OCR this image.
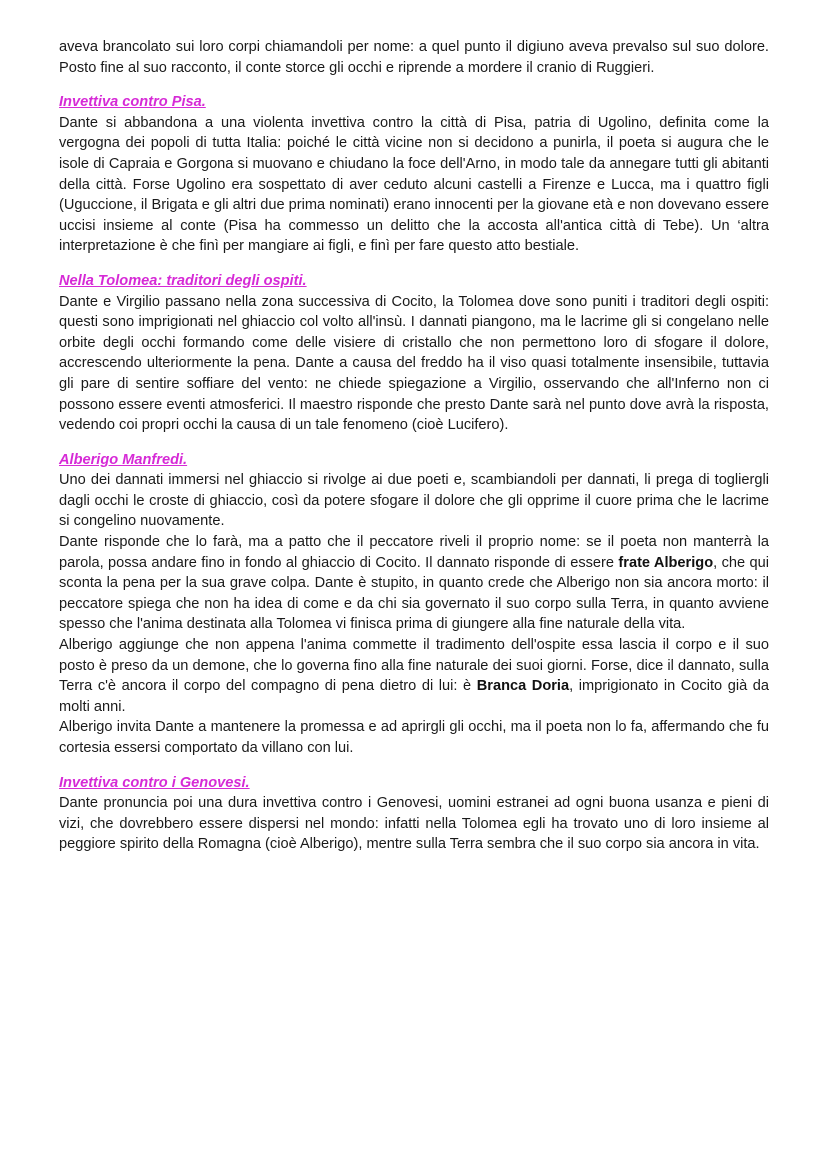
aveva brancolato sui loro corpi chiamandoli per nome: a quel punto il digiuno aveva prevalso sul suo dolore. Posto fine al suo racconto, il conte storce gli occhi e riprende a mordere il cranio di Ruggieri.

Invettiva contro Pisa.

Dante si abbandona a una violenta invettiva contro la città di Pisa, patria di Ugolino, definita come la vergogna dei popoli di tutta Italia: poiché le città vicine non si decidono a punirla, il poeta si augura che le isole di Capraia e Gorgona si muovano e chiudano la foce dell'Arno, in modo tale da annegare tutti gli abitanti della città. Forse Ugolino era sospettato di aver ceduto alcuni castelli a Firenze e Lucca, ma i quattro figli (Uguccione, il Brigata e gli altri due prima nominati) erano innocenti per la giovane età e non dovevano essere uccisi insieme al conte (Pisa ha commesso un delitto che la accosta all'antica città di Tebe). Un ‘altra interpretazione è che finì per mangiare ai figli, e finì per fare questo atto bestiale.

Nella Tolomea: traditori degli ospiti.

Dante e Virgilio passano nella zona successiva di Cocito, la Tolomea dove sono puniti i traditori degli ospiti: questi sono imprigionati nel ghiaccio col volto all'insù. I dannati piangono, ma le lacrime gli si congelano nelle orbite degli occhi formando come delle visiere di cristallo che non permettono loro di sfogare il dolore, accrescendo ulteriormente la pena. Dante a causa del freddo ha il viso quasi totalmente insensibile, tuttavia gli pare di sentire soffiare del vento: ne chiede spiegazione a Virgilio, osservando che all'Inferno non ci possono essere eventi atmosferici. Il maestro risponde che presto Dante sarà nel punto dove avrà la risposta, vedendo coi propri occhi la causa di un tale fenomeno (cioè Lucifero).

Alberigo Manfredi.

Uno dei dannati immersi nel ghiaccio si rivolge ai due poeti e, scambiandoli per dannati, li prega di togliergli dagli occhi le croste di ghiaccio, così da potere sfogare il dolore che gli opprime il cuore prima che le lacrime si congelino nuovamente.

Dante risponde che lo farà, ma a patto che il peccatore riveli il proprio nome: se il poeta non manterrà la parola, possa andare fino in fondo al ghiaccio di Cocito. Il dannato risponde di essere frate Alberigo, che qui sconta la pena per la sua grave colpa. Dante è stupito, in quanto crede che Alberigo non sia ancora morto: il peccatore spiega che non ha idea di come e da chi sia governato il suo corpo sulla Terra, in quanto avviene spesso che l'anima destinata alla Tolomea vi finisca prima di giungere alla fine naturale della vita.

Alberigo aggiunge che non appena l'anima commette il tradimento dell'ospite essa lascia il corpo e il suo posto è preso da un demone, che lo governa fino alla fine naturale dei suoi giorni. Forse, dice il dannato, sulla Terra c'è ancora il corpo del compagno di pena dietro di lui: è Branca Doria, imprigionato in Cocito già da molti anni.

Alberigo invita Dante a mantenere la promessa e ad aprirgli gli occhi, ma il poeta non lo fa, affermando che fu cortesia essersi comportato da villano con lui.

Invettiva contro i Genovesi.

Dante pronuncia poi una dura invettiva contro i Genovesi, uomini estranei ad ogni buona usanza e pieni di vizi, che dovrebbero essere dispersi nel mondo: infatti nella Tolomea egli ha trovato uno di loro insieme al peggiore spirito della Romagna (cioè Alberigo), mentre sulla Terra sembra che il suo corpo sia ancora in vita.
